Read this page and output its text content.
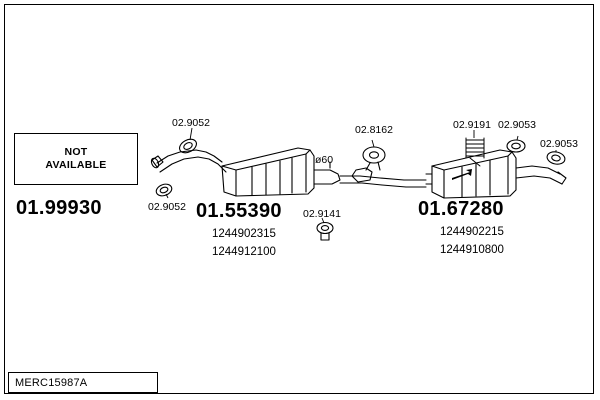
NOT
AVAILABLE
01.99930	01.55390	01.67280
1244902315
1244912100
1244902215
1244910800
02.9052
02.9052
ø60
02.9141
02.8162	02.9191 02.9053
02.9053
MERC15987A
